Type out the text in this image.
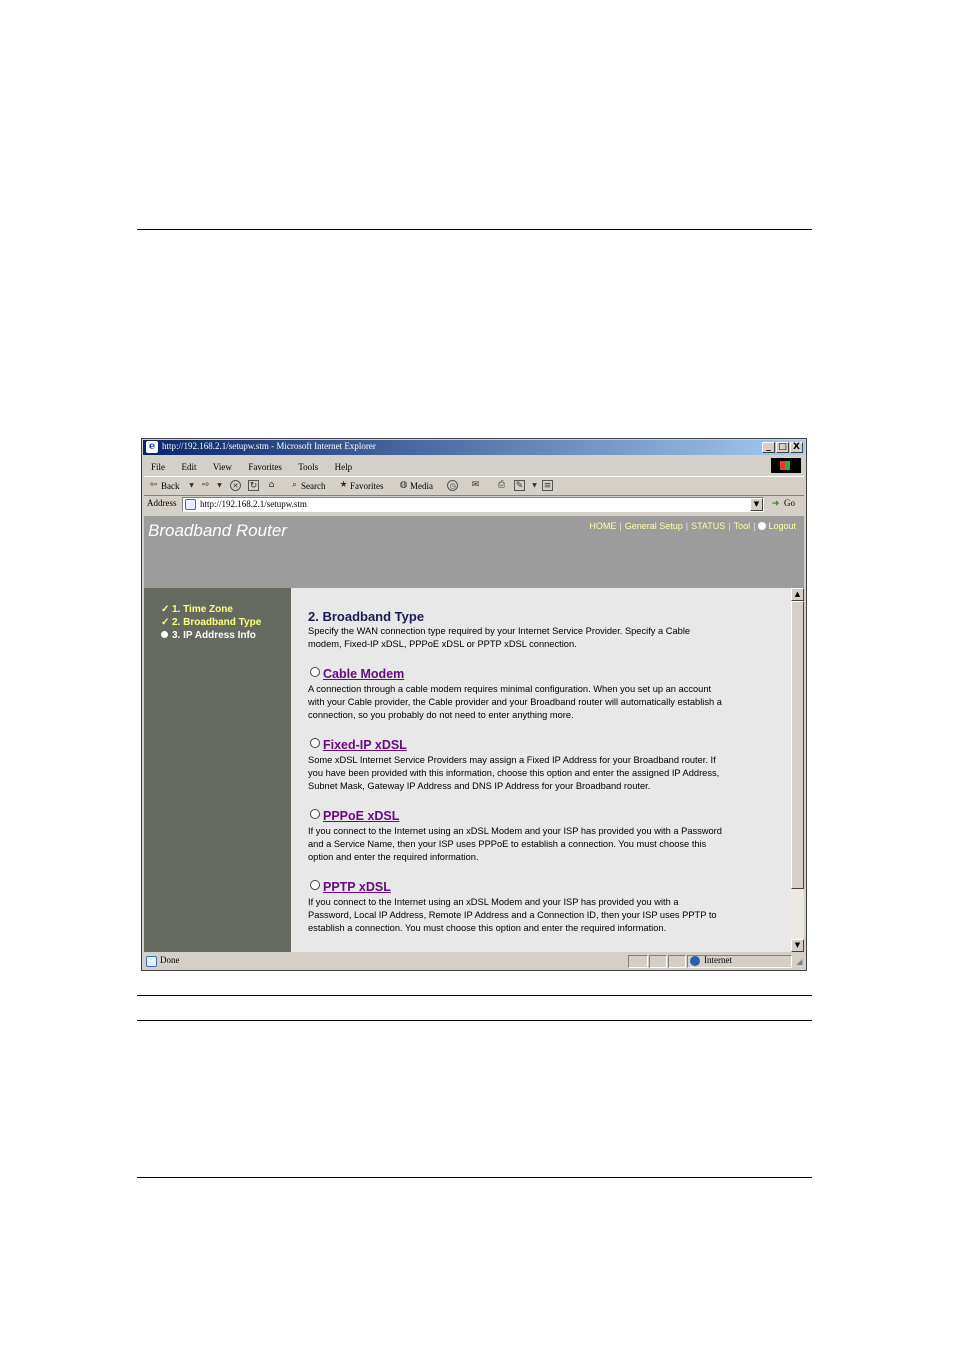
e http://192.168.2.1/setupw.stm - Microsoft Internet Explorer	_ □ X
File Edit View Favorites Tools Help
⇦ Back	▼ ⇨	▼	✕ ↻ ⌂	⌕ Search ★ Favorites ◍ Media	◷ ✉ ⎙ ✎	▼ ≡
Address	http://192.168.2.1/setupw.stm	▼	➜ Go
Broadband Router	HOME | General Setup | STATUS | Tool | Logout
✓ 1. Time Zone
✓ 2. Broadband Type
3. IP Address Info
2. Broadband Type
Specify the WAN connection type required by your Internet Service Provider. Specify a Cable
modem, Fixed-IP xDSL, PPPoE xDSL or PPTP xDSL connection.
Cable Modem
A connection through a cable modem requires minimal configuration. When you set up an account
with your Cable provider, the Cable provider and your Broadband router will automatically establish a
connection, so you probably do not need to enter anything more.
Fixed-IP xDSL
Some xDSL Internet Service Providers may assign a Fixed IP Address for your Broadband router. If
you have been provided with this information, choose this option and enter the assigned IP Address,
Subnet Mask, Gateway IP Address and DNS IP Address for your Broadband router.
PPPoE xDSL
If you connect to the Internet using an xDSL Modem and your ISP has provided you with a Password
and a Service Name, then your ISP uses PPPoE to establish a connection. You must choose this
option and enter the required information.
PPTP xDSL
If you connect to the Internet using an xDSL Modem and your ISP has provided you with a
Password, Local IP Address, Remote IP Address and a Connection ID, then your ISP uses PPTP to
establish a connection. You must choose this option and enter the required information.
▲
▼
Done	Internet	◢
